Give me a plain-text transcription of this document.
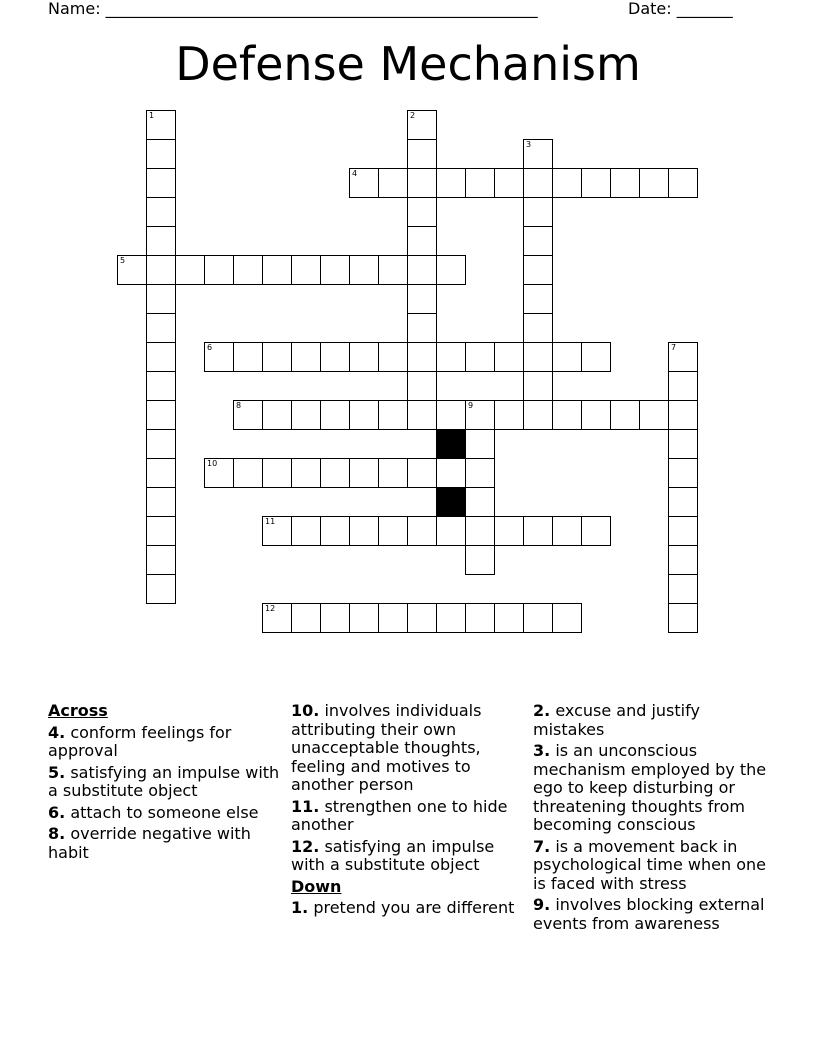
Name: ______________________________________________________	Date: _______
Defense Mechanism
1	2
3
4
5
6	7
8	9
10
11
12
Across
4. conform feelings for approval
5. satisfying an impulse with a substitute object
6. attach to someone else
8. override negative with habit
10. involves individuals attributing their own unacceptable thoughts, feeling and motives to another person
11. strengthen one to hide another
12. satisfying an impulse with a substitute object
Down
1. pretend you are different
2. excuse and justify mistakes
3. is an unconscious mechanism employed by the ego to keep disturbing or threatening thoughts from becoming conscious
7. is a movement back in psychological time when one is faced with stress
9. involves blocking external events from awareness
